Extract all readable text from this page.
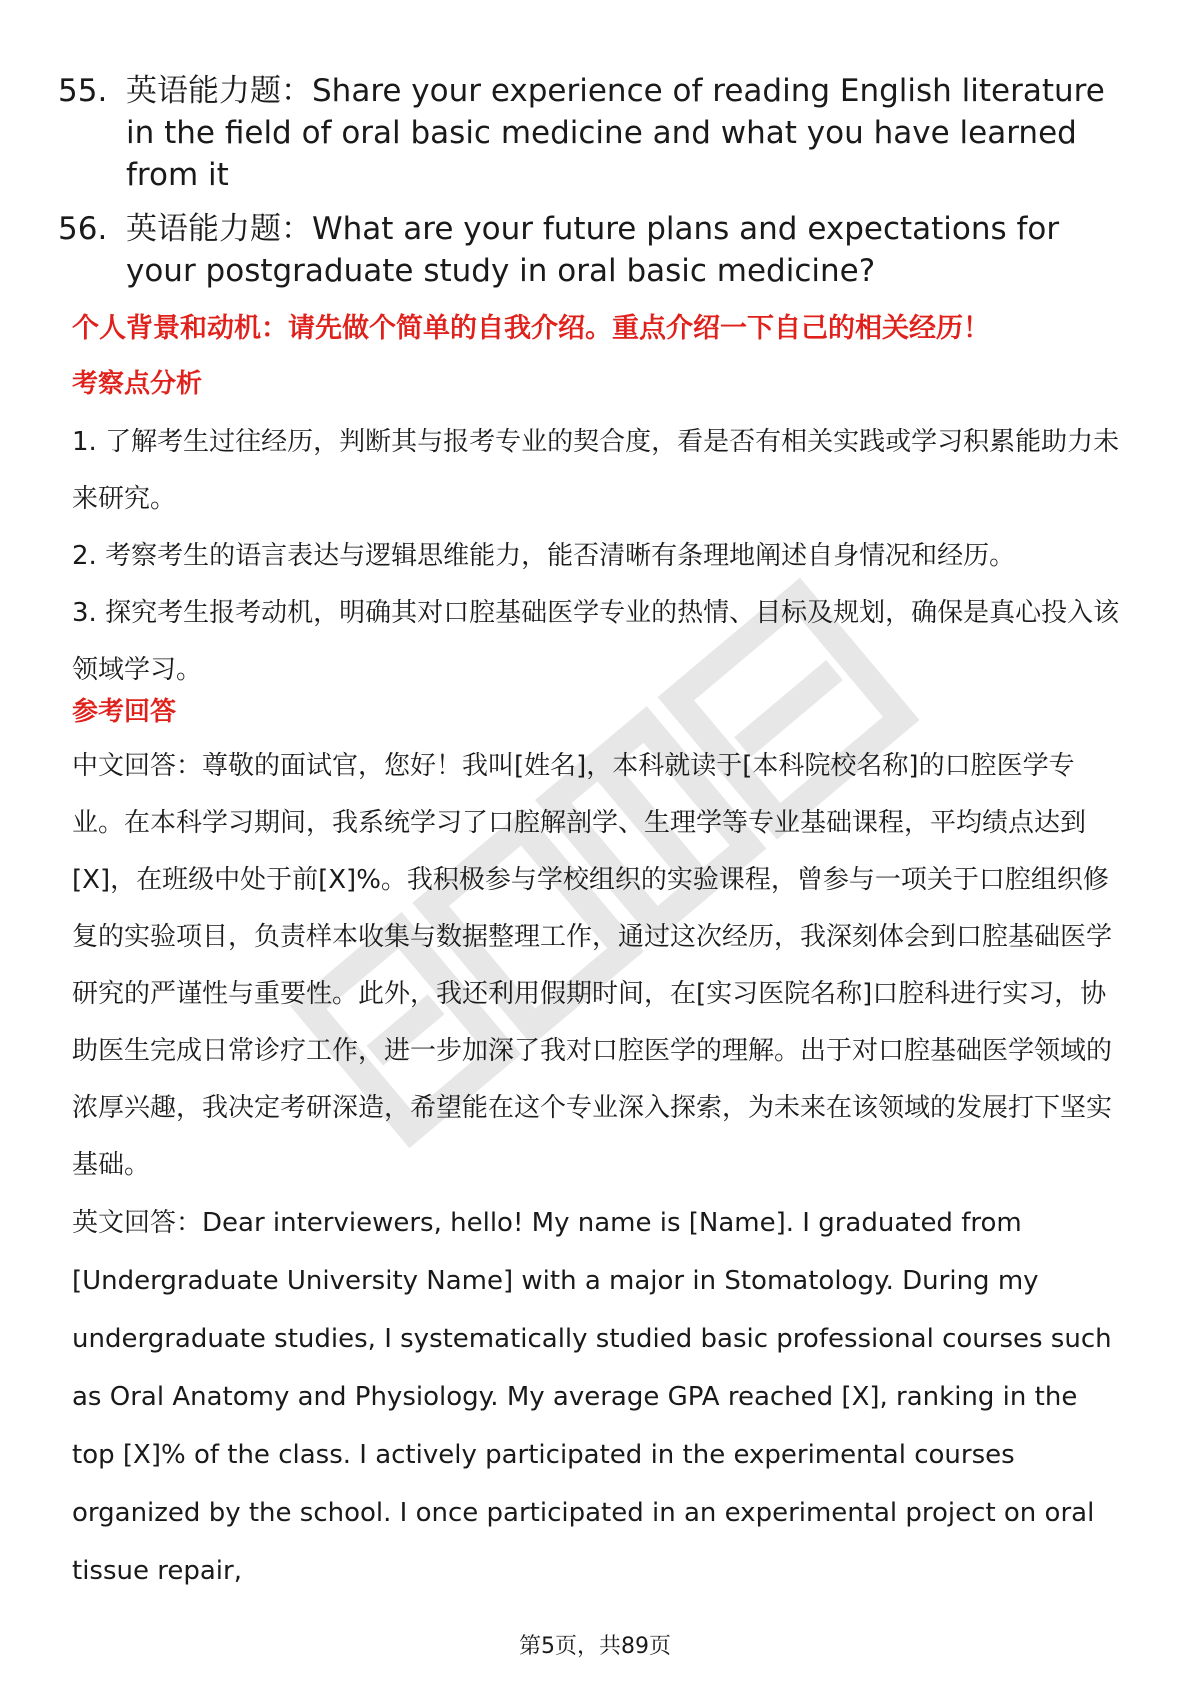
55. 英语能力题：Share your experience of reading English literature in the field of oral basic medicine and what you have learned from it
56. 英语能力题：What are your future plans and expectations for your postgraduate study in oral basic medicine?
个人背景和动机：请先做个简单的自我介绍。重点介绍一下自己的相关经历！
考察点分析

1. 了解考生过往经历，判断其与报考专业的契合度，看是否有相关实践或学习积累能助力未来研究。

2. 考察考生的语言表达与逻辑思维能力，能否清晰有条理地阐述自身情况和经历。

3. 探究考生报考动机，明确其对口腔基础医学专业的热情、目标及规划，确保是真心投入该领域学习。

参考回答

中文回答：尊敬的面试官，您好！我叫[姓名]，本科就读于[本科院校名称]的口腔医学专业。在本科学习期间，我系统学习了口腔解剖学、生理学等专业基础课程，平均绩点达到[X]，在班级中处于前[X]%。我积极参与学校组织的实验课程，曾参与一项关于口腔组织修复的实验项目，负责样本收集与数据整理工作，通过这次经历，我深刻体会到口腔基础医学研究的严谨性与重要性。此外，我还利用假期时间，在[实习医院名称]口腔科进行实习，协助医生完成日常诊疗工作，进一步加深了我对口腔医学的理解。出于对口腔基础医学领域的浓厚兴趣，我决定考研深造，希望能在这个专业深入探索，为未来在该领域的发展打下坚实基础。

英文回答：Dear interviewers, hello! My name is [Name]. I graduated from [Undergraduate University Name] with a major in Stomatology. During my undergraduate studies, I systematically studied basic professional courses such as Oral Anatomy and Physiology. My average GPA reached [X], ranking in the top [X]% of the class. I actively participated in the experimental courses organized by the school. I once participated in an experimental project on oral tissue repair,

第5页，共89页
